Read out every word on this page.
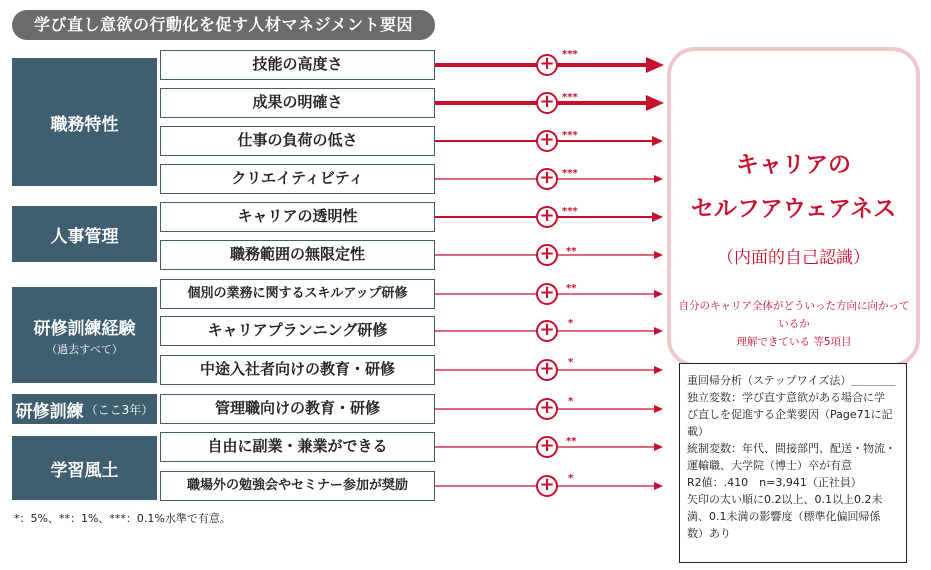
学び直し意欲の行動化を促す人材マネジメント要因
職務特性
人事管理
研修訓練経験
（過去すべて）
研修訓練 （ここ3年）
学習風土
技能の高度さ
成果の明確さ
仕事の負荷の低さ
クリエイティビティ
キャリアの透明性
職務範囲の無限定性
個別の業務に関するスキルアップ研修
キャリアプランニング研修
中途入社者向けの教育・研修
管理職向けの教育・研修
自由に副業・兼業ができる
職場外の勉強会やセミナー参加が奨励
+ ***
+ ***
+ ***
+ ***
+ ***
+	**
+	**
+	*
+	*
+	*
+	**
+	*
キャリアの
セルフアウェアネス
（内面的自己認識）
自分のキャリア全体がどういった方向に向かっているか
理解できている 等5項目
重回帰分析（ステップワイズ法）＿＿＿＿
独立変数：学び直す意欲がある場合に学
び直しを促進する企業要因（Page71に記
載）
統制変数：年代、間接部門、配送・物流・
運輸職、大学院（博士）卒が有意
R2値：.410　n=3,941（正社員）
矢印の太い順に0.2以上、0.1以上0.2未
満、0.1未満の影響度（標準化偏回帰係
数）あり
*：5%、**：1%、***：0.1%水準で有意。
